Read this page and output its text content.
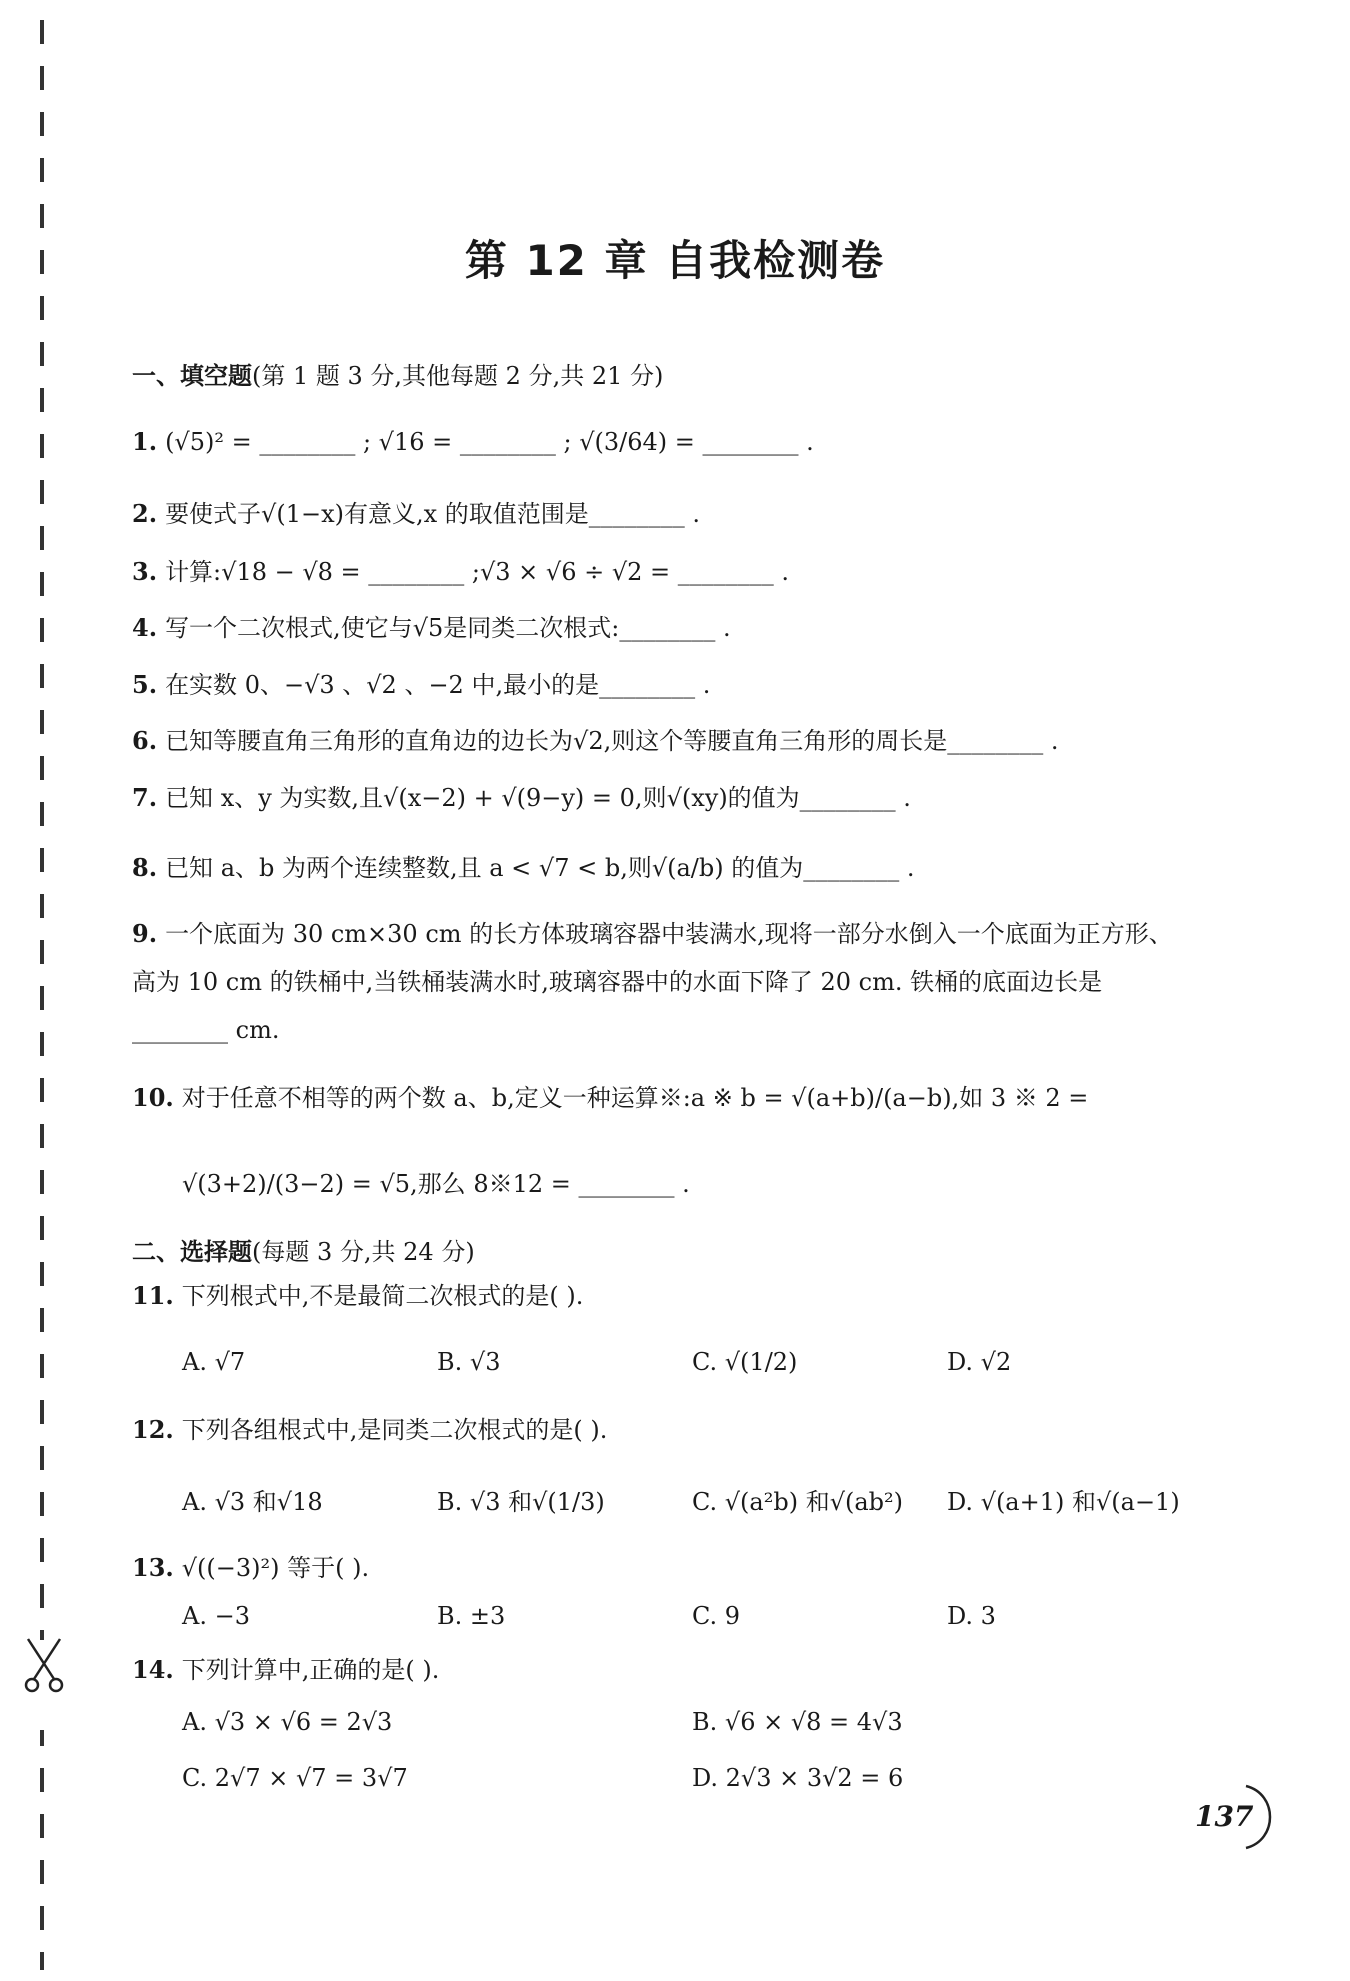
第 12 章 自我检测卷
一、填空题(第 1 题 3 分,其他每题 2 分,共 21 分)
1. (√5)² = ________ ; √16 = ________ ; √(3/64) = ________ .
2. 要使式子√(1−x)有意义,x 的取值范围是________ .
3. 计算:√18 − √8 = ________ ;√3 × √6 ÷ √2 = ________ .
4. 写一个二次根式,使它与√5是同类二次根式:________ .
5. 在实数 0、−√3 、√2 、−2 中,最小的是________ .
6. 已知等腰直角三角形的直角边的边长为√2,则这个等腰直角三角形的周长是________ .
7. 已知 x、y 为实数,且√(x−2) + √(9−y) = 0,则√(xy)的值为________ .
8. 已知 a、b 为两个连续整数,且 a < √7 < b,则√(a/b) 的值为________ .
9. 一个底面为 30 cm×30 cm 的长方体玻璃容器中装满水,现将一部分水倒入一个底面为正方形、高为 10 cm 的铁桶中,当铁桶装满水时,玻璃容器中的水面下降了 20 cm. 铁桶的底面边长是________ cm.
10. 对于任意不相等的两个数 a、b,定义一种运算※:a ※ b = √(a+b)/(a−b),如 3 ※ 2 =
√(3+2)/(3−2) = √5,那么 8※12 = ________ .
二、选择题(每题 3 分,共 24 分)
11. 下列根式中,不是最简二次根式的是( ).
A. √7	B. √3	C. √(1/2)	D. √2
12. 下列各组根式中,是同类二次根式的是( ).
A. √3 和√18	B. √3 和√(1/3)	C. √(a²b) 和√(ab²) D. √(a+1) 和√(a−1)
13. √((−3)²) 等于( ).
A. −3	B. ±3	C. 9	D. 3
14. 下列计算中,正确的是( ).
A. √3 × √6 = 2√3	B. √6 × √8 = 4√3
C. 2√7 × √7 = 3√7	D. 2√3 × 3√2 = 6
137
